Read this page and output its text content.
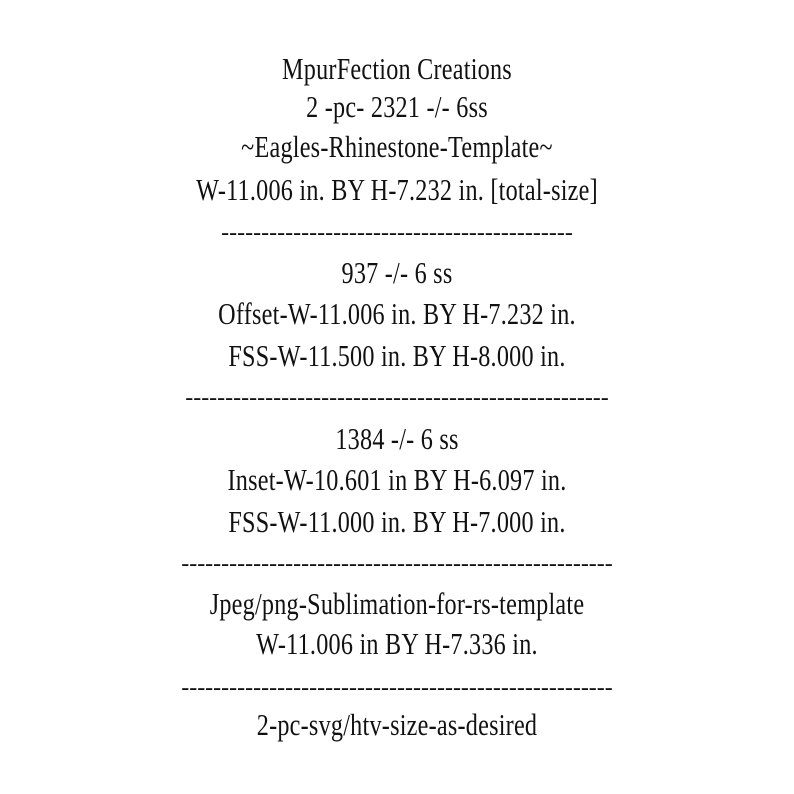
MpurFection Creations
2 -pc- 2321 -/- 6ss
~Eagles-Rhinestone-Template~
W-11.006 in. BY H-7.232 in. [total-size]
--------------------------------------------
937 -/- 6 ss
Offset-W-11.006 in. BY H-7.232 in.
FSS-W-11.500 in. BY H-8.000 in.
-----------------------------------------------------
1384 -/- 6 ss
Inset-W-10.601 in BY H-6.097 in.
FSS-W-11.000 in. BY H-7.000 in.
------------------------------------------------------
Jpeg/png-Sublimation-for-rs-template
W-11.006 in BY H-7.336 in.
------------------------------------------------------
2-pc-svg/htv-size-as-desired
